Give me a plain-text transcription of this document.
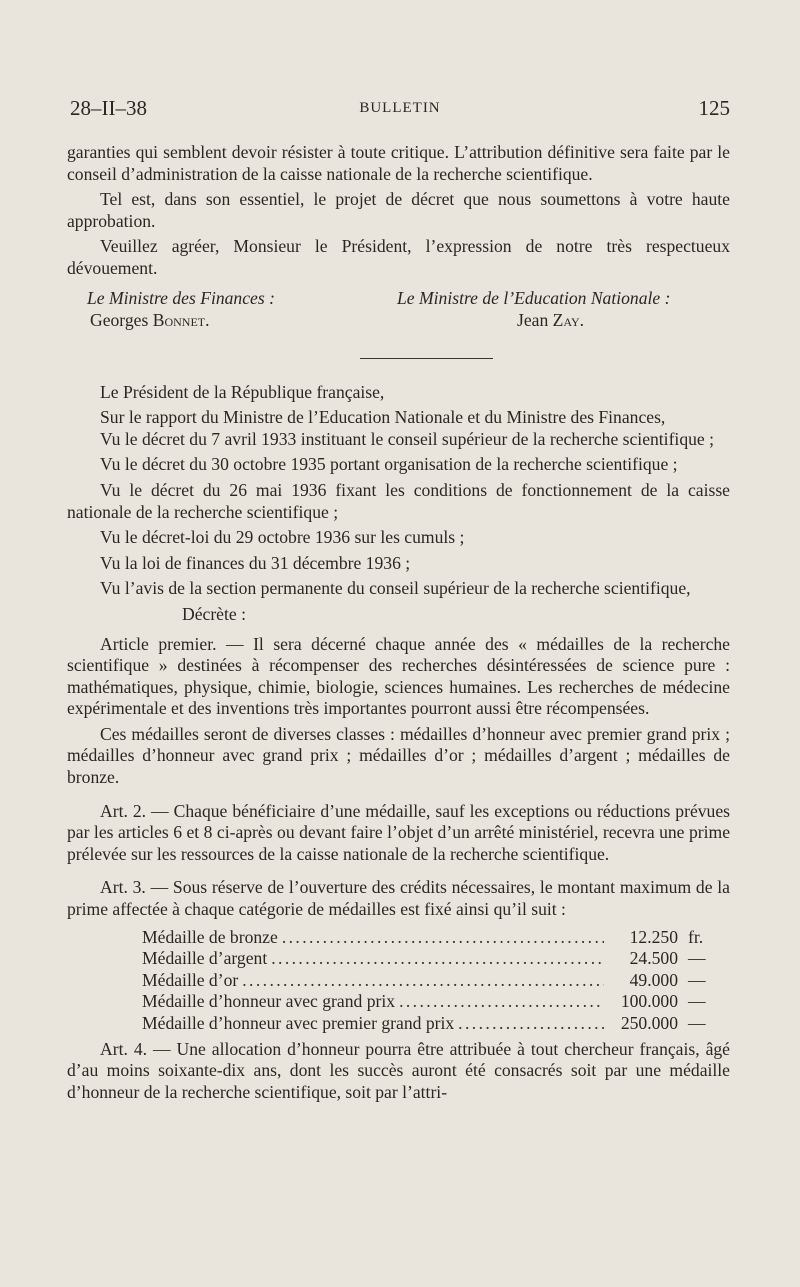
28–II–38	BULLETIN	125

garanties qui semblent devoir résister à toute critique. L’attribution définitive sera faite par le conseil d’administration de la caisse nationale de la recherche scientifique.

Tel est, dans son essentiel, le projet de décret que nous soumettons à votre haute approbation.

Veuillez agréer, Monsieur le Président, l’expression de notre très respectueux dévouement.

Le Ministre des Finances :	Le Ministre de l’Education Nationale :
Georges Bonnet.	Jean Zay.

Le Président de la République française,

Sur le rapport du Ministre de l’Education Nationale et du Ministre des Finances,

Vu le décret du 7 avril 1933 instituant le conseil supérieur de la recherche scientifique ;

Vu le décret du 30 octobre 1935 portant organisation de la recherche scientifique ;

Vu le décret du 26 mai 1936 fixant les conditions de fonctionnement de la caisse nationale de la recherche scientifique ;

Vu le décret-loi du 29 octobre 1936 sur les cumuls ;

Vu la loi de finances du 31 décembre 1936 ;

Vu l’avis de la section permanente du conseil supérieur de la recherche scientifique,

Décrète :

Article premier. — Il sera décerné chaque année des « médailles de la recherche scientifique » destinées à récompenser des recherches désintéressées de science pure : mathématiques, physique, chimie, biologie, sciences humaines. Les recherches de médecine expérimentale et des inventions très importantes pourront aussi être récompensées.

Ces médailles seront de diverses classes : médailles d’honneur avec premier grand prix ; médailles d’honneur avec grand prix ; médailles d’or ; médailles d’argent ; médailles de bronze.

Art. 2. — Chaque bénéficiaire d’une médaille, sauf les exceptions ou réductions prévues par les articles 6 et 8 ci-après ou devant faire l’objet d’un arrêté ministériel, recevra une prime prélevée sur les ressources de la caisse nationale de la recherche scientifique.

Art. 3. — Sous réserve de l’ouverture des crédits nécessaires, le montant maximum de la prime affectée à chaque catégorie de médailles est fixé ainsi qu’il suit :

Médaille de bronze . . .	12.250 fr.
Médaille d’argent . . .	24.500 —
Médaille d’or . . .	49.000 —
Médaille d’honneur avec grand prix . . .	100.000 —
Médaille d’honneur avec premier grand prix . . .	250.000 —

Art. 4. — Une allocation d’honneur pourra être attribuée à tout chercheur français, âgé d’au moins soixante-dix ans, dont les succès auront été consacrés soit par une médaille d’honneur de la recherche scientifique, soit par l’attri-
